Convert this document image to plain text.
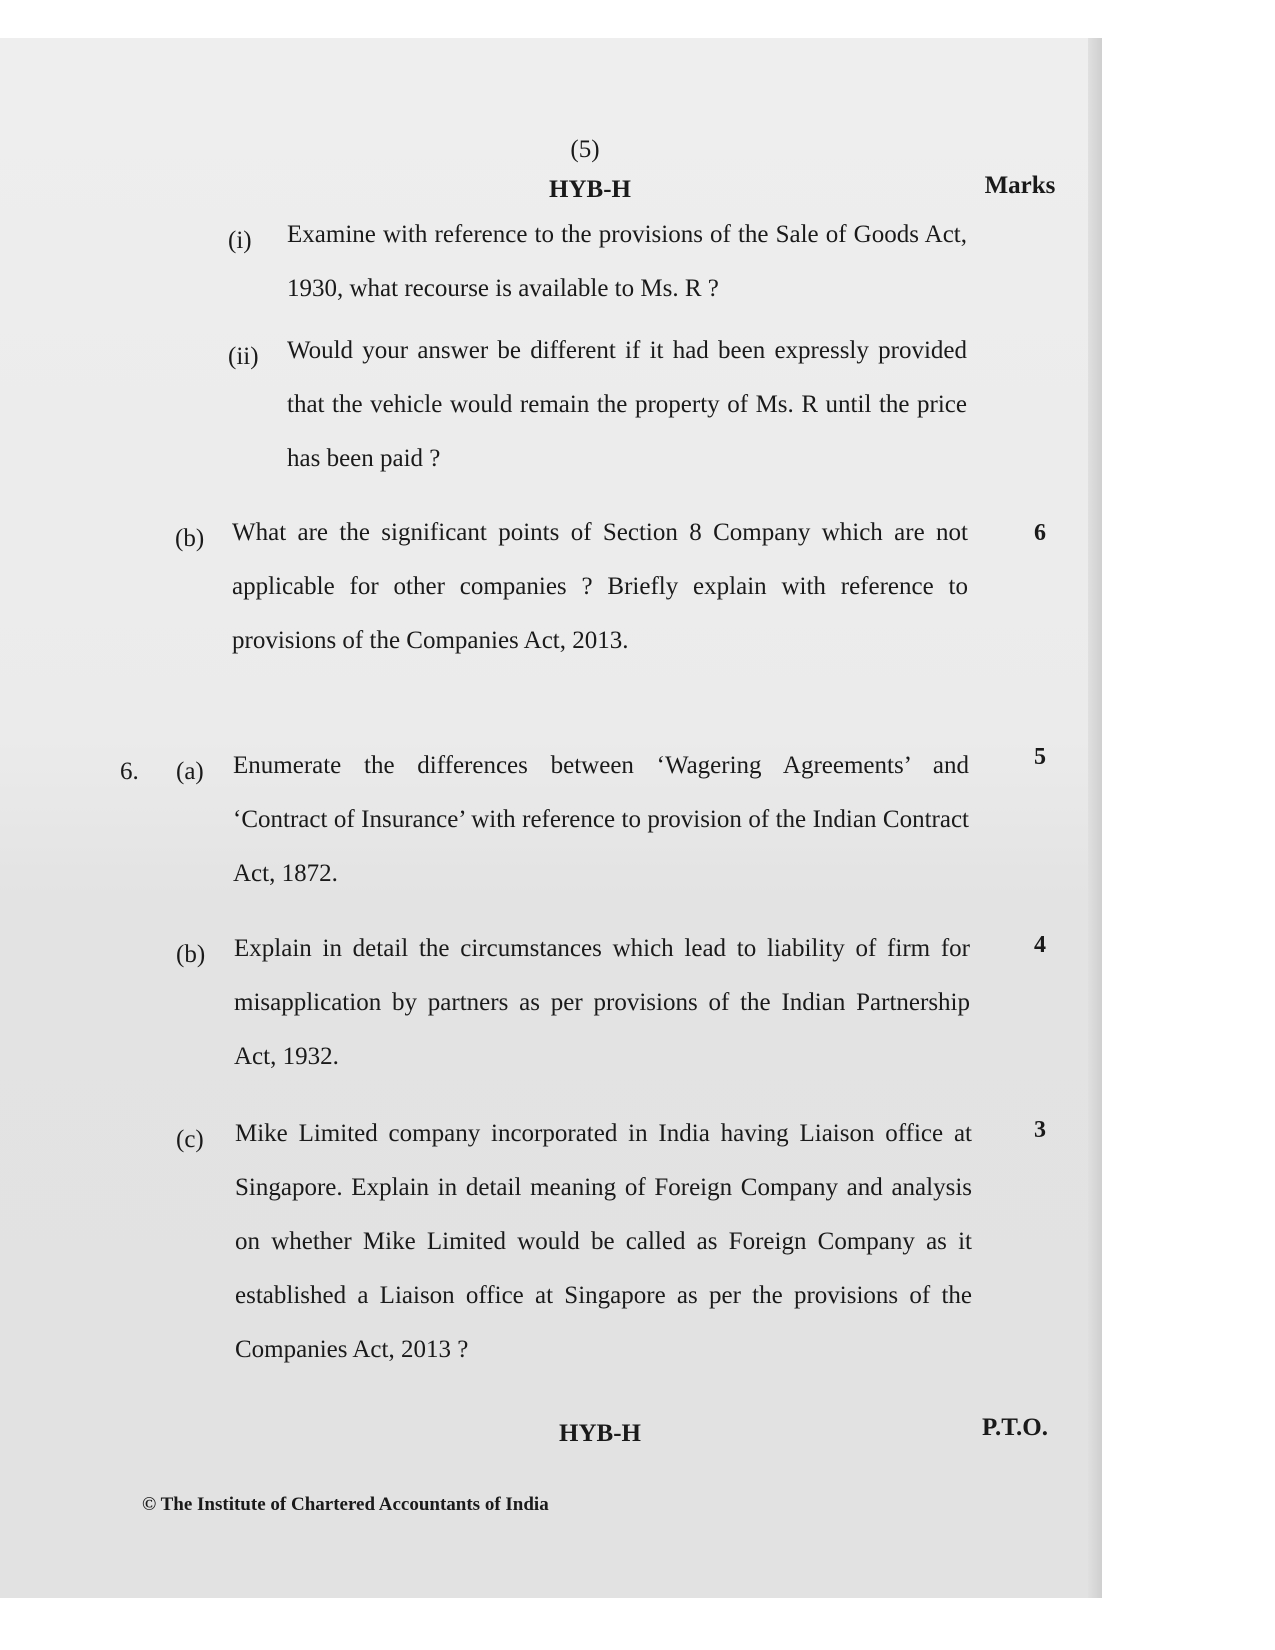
(5)

HYB-H	Marks

(i) Examine with reference to the provisions of the Sale of Goods Act, 1930, what recourse is available to Ms. R ?

(ii) Would your answer be different if it had been expressly provided that the vehicle would remain the property of Ms. R until the price has been paid ?

(b) What are the significant points of Section 8 Company which are not applicable for other companies ? Briefly explain with reference to provisions of the Companies Act, 2013.

6
6. (a) Enumerate the differences between ‘Wagering Agreements’ and ‘Contract of Insurance’ with reference to provision of the Indian Contract Act, 1872.

5
(b) Explain in detail the circumstances which lead to liability of firm for misapplication by partners as per provisions of the Indian Partnership Act, 1932.

4
(c) Mike Limited company incorporated in India having Liaison office at Singapore. Explain in detail meaning of Foreign Company and analysis on whether Mike Limited would be called as Foreign Company as it established a Liaison office at Singapore as per the provisions of the Companies Act, 2013 ?

3

HYB-H	P.T.O.

© The Institute of Chartered Accountants of India
